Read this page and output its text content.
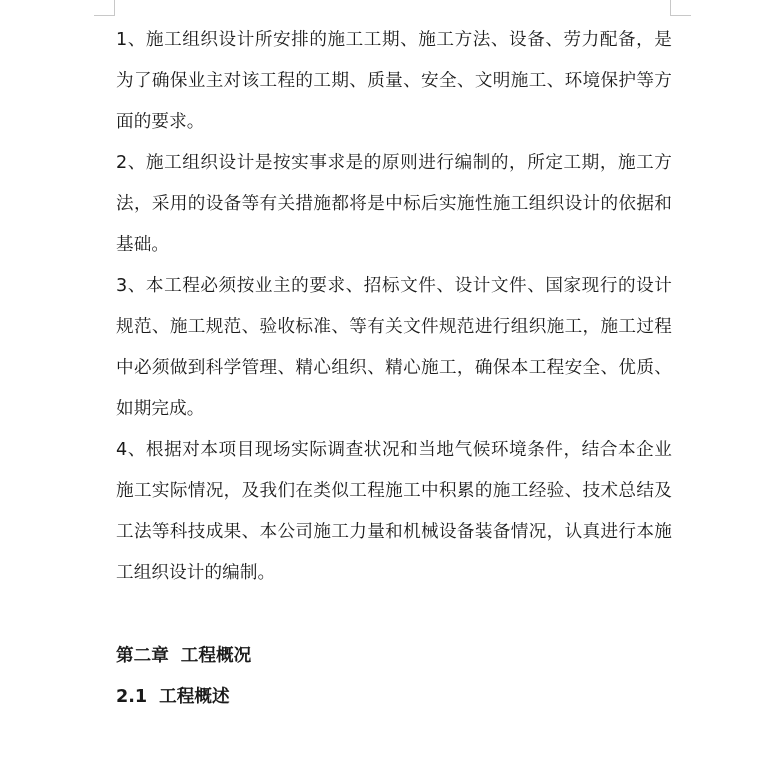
1、施工组织设计所安排的施工工期、施工方法、设备、劳力配备，是为了确保业主对该工程的工期、质量、安全、文明施工、环境保护等方面的要求。

2、施工组织设计是按实事求是的原则进行编制的，所定工期，施工方法，采用的设备等有关措施都将是中标后实施性施工组织设计的依据和基础。

3、本工程必须按业主的要求、招标文件、设计文件、国家现行的设计规范、施工规范、验收标准、等有关文件规范进行组织施工，施工过程中必须做到科学管理、精心组织、精心施工，确保本工程安全、优质、如期完成。

4、根据对本项目现场实际调查状况和当地气候环境条件，结合本企业施工实际情况，及我们在类似工程施工中积累的施工经验、技术总结及工法等科技成果、本公司施工力量和机械设备装备情况，认真进行本施工组织设计的编制。

第二章 工程概况
2.1 工程概述
